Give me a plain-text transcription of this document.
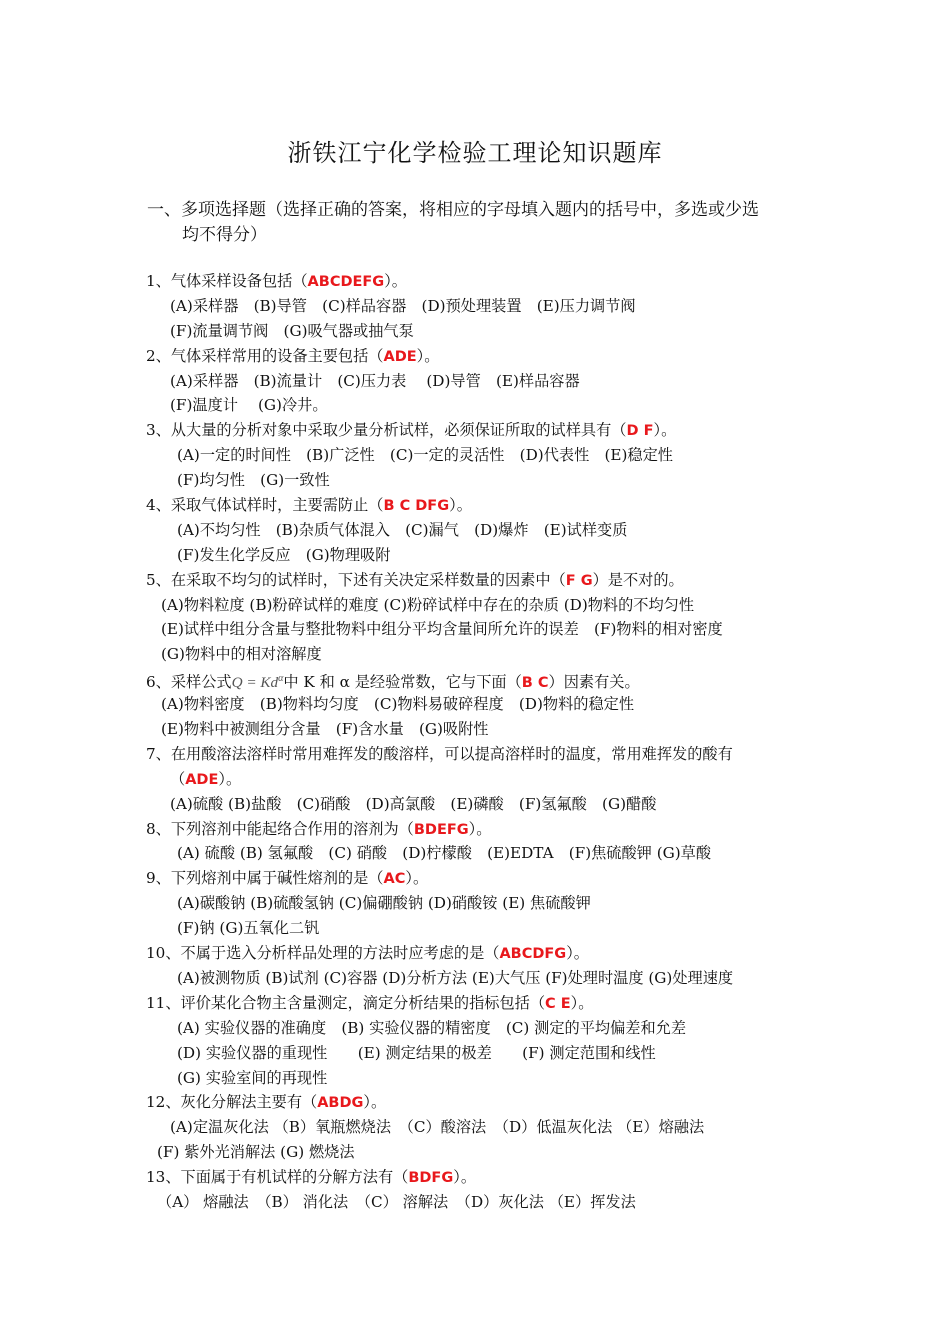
浙铁江宁化学检验工理论知识题库
一、多项选择题（选择正确的答案，将相应的字母填入题内的括号中，多选或少选
均不得分）
1、气体采样设备包括（ABCDEFG）。
(A)采样器　(B)导管　(C)样品容器　(D)预处理装置　(E)压力调节阀
(F)流量调节阀　(G)吸气器或抽气泵
2、气体采样常用的设备主要包括（ADE）。
(A)采样器　(B)流量计　(C)压力表　 (D)导管　(E)样品容器
(F)温度计　 (G)冷井。
3、从大量的分析对象中采取少量分析试样，必须保证所取的试样具有（D F）。
(A)一定的时间性　(B)广泛性　(C)一定的灵活性　(D)代表性　(E)稳定性
(F)均匀性　(G)一致性
4、采取气体试样时，主要需防止（B C DFG）。
(A)不均匀性　(B)杂质气体混入　(C)漏气　(D)爆炸　(E)试样变质
(F)发生化学反应　(G)物理吸附
5、在采取不均匀的试样时，下述有关决定采样数量的因素中（F G）是不对的。
(A)物料粒度 (B)粉碎试样的难度 (C)粉碎试样中存在的杂质 (D)物料的不均匀性
(E)试样中组分含量与整批物料中组分平均含量间所允许的误差　(F)物料的相对密度
(G)物料中的相对溶解度
6、采样公式$Q = Kd^\alpha$中 K 和 α 是经验常数，它与下面（B C）因素有关。
(A)物料密度　(B)物料均匀度　(C)物料易破碎程度　(D)物料的稳定性
(E)物料中被测组分含量　(F)含水量　(G)吸附性
7、在用酸溶法溶样时常用难挥发的酸溶样，可以提高溶样时的温度，常用难挥发的酸有
（ADE）。
(A)硫酸 (B)盐酸　(C)硝酸　(D)高氯酸　(E)磷酸　(F)氢氟酸　(G)醋酸
8、下列溶剂中能起络合作用的溶剂为（BDEFG）。
(A) 硫酸 (B) 氢氟酸　(C) 硝酸　(D)柠檬酸　(E)EDTA　(F)焦硫酸钾 (G)草酸
9、下列熔剂中属于碱性熔剂的是（AC）。
(A)碳酸钠 (B)硫酸氢钠 (C)偏硼酸钠 (D)硝酸铵 (E) 焦硫酸钾
(F)钠 (G)五氧化二钒
10、不属于选入分析样品处理的方法时应考虑的是（ABCDFG）。
(A)被测物质 (B)试剂 (C)容器 (D)分析方法 (E)大气压 (F)处理时温度 (G)处理速度
11、评价某化合物主含量测定，滴定分析结果的指标包括（C E）。
(A) 实验仪器的准确度　(B) 实验仪器的精密度　(C) 测定的平均偏差和允差
(D) 实验仪器的重现性　　(E) 测定结果的极差　　(F) 测定范围和线性
(G) 实验室间的再现性
12、灰化分解法主要有（ABDG）。
(A)定温灰化法 （B）氧瓶燃烧法　（C）酸溶法　（D）低温灰化法 （E）熔融法
(F) 紫外光消解法 (G) 燃烧法
13、下面属于有机试样的分解方法有（BDFG）。
（A） 熔融法　（B） 消化法　（C） 溶解法　（D）灰化法 （E）挥发法
